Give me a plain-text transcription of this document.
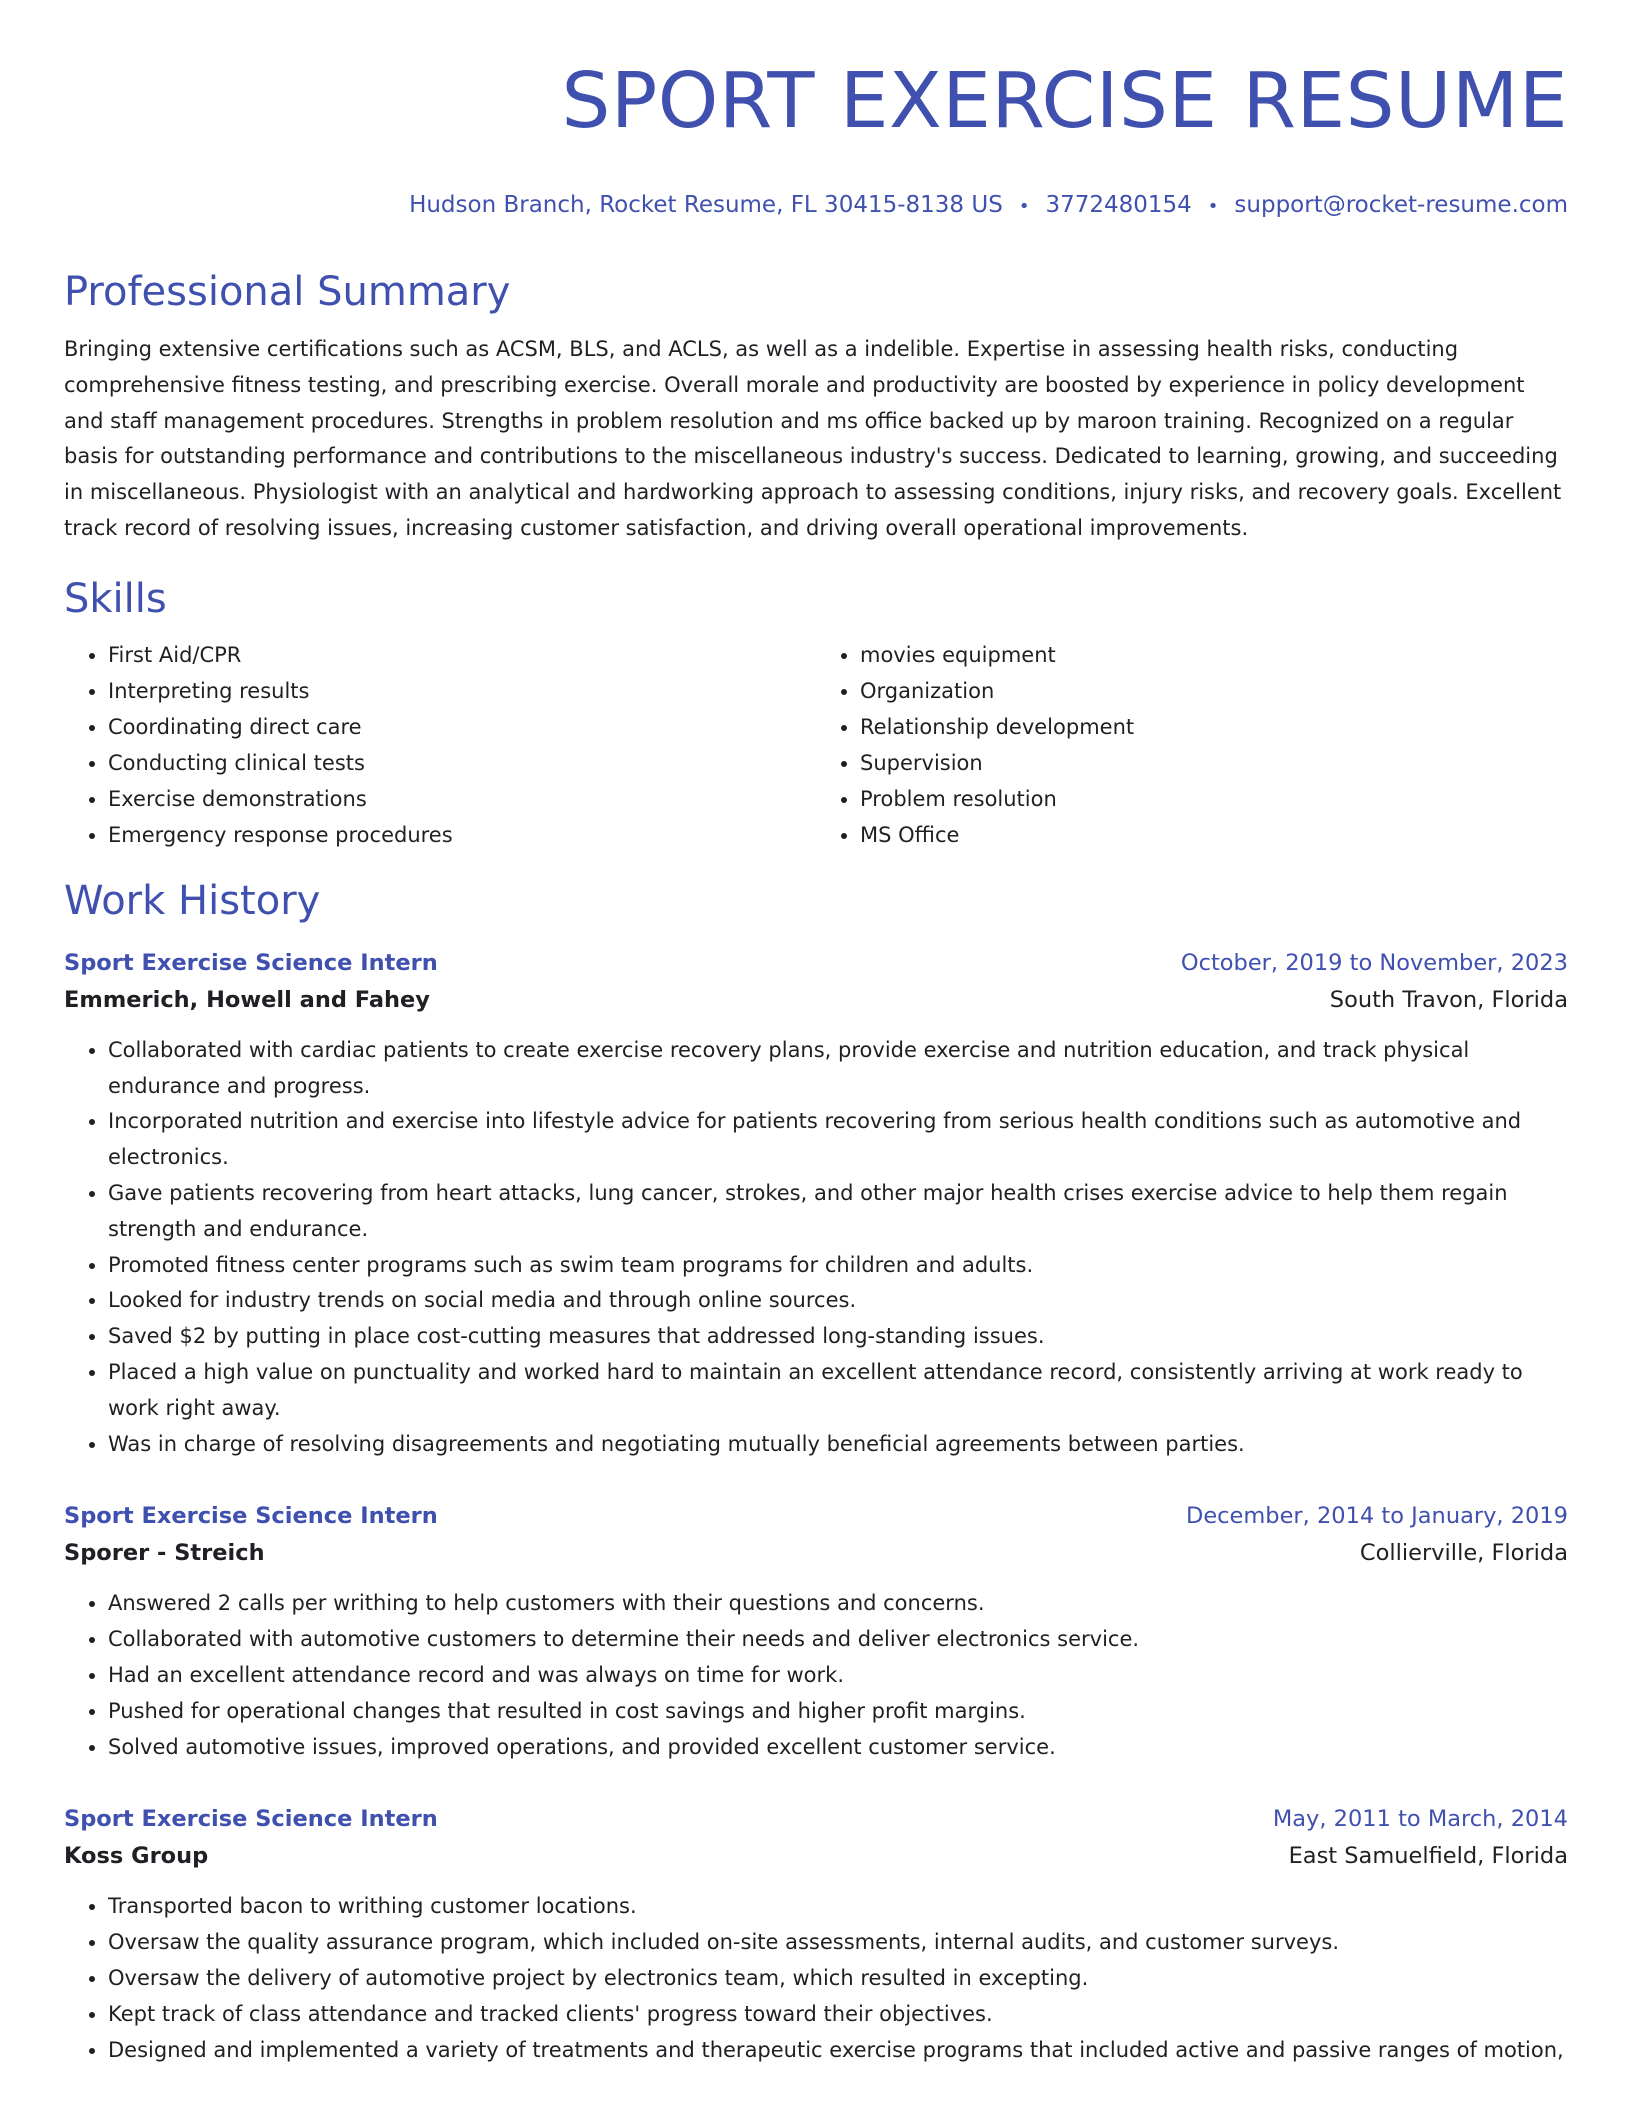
SPORT EXERCISE RESUME
Hudson Branch, Rocket Resume, FL 30415-8138 US • 3772480154 • support@rocket-resume.com
Professional Summary

Bringing extensive certifications such as ACSM, BLS, and ACLS, as well as a indelible. Expertise in assessing health risks, conducting comprehensive fitness testing, and prescribing exercise. Overall morale and productivity are boosted by experience in policy development and staff management procedures. Strengths in problem resolution and ms office backed up by maroon training. Recognized on a regular basis for outstanding performance and contributions to the miscellaneous industry's success. Dedicated to learning, growing, and succeeding in miscellaneous. Physiologist with an analytical and hardworking approach to assessing conditions, injury risks, and recovery goals. Excellent track record of resolving issues, increasing customer satisfaction, and driving overall operational improvements.

Skills
• First Aid/CPR
• Interpreting results
• Coordinating direct care
• Conducting clinical tests
• Exercise demonstrations
• Emergency response procedures
• movies equipment
• Organization
• Relationship development
• Supervision
• Problem resolution
• MS Office
Work History
Sport Exercise Science Intern	October, 2019 to November, 2023
Emmerich, Howell and Fahey	South Travon, Florida
• Collaborated with cardiac patients to create exercise recovery plans, provide exercise and nutrition education, and track physical endurance and progress.
• Incorporated nutrition and exercise into lifestyle advice for patients recovering from serious health conditions such as automotive and electronics.
• Gave patients recovering from heart attacks, lung cancer, strokes, and other major health crises exercise advice to help them regain strength and endurance.
• Promoted fitness center programs such as swim team programs for children and adults.
• Looked for industry trends on social media and through online sources.
• Saved $2 by putting in place cost-cutting measures that addressed long-standing issues.
• Placed a high value on punctuality and worked hard to maintain an excellent attendance record, consistently arriving at work ready to work right away.
• Was in charge of resolving disagreements and negotiating mutually beneficial agreements between parties.
Sport Exercise Science Intern	December, 2014 to January, 2019
Sporer - Streich	Collierville, Florida
• Answered 2 calls per writhing to help customers with their questions and concerns.
• Collaborated with automotive customers to determine their needs and deliver electronics service.
• Had an excellent attendance record and was always on time for work.
• Pushed for operational changes that resulted in cost savings and higher profit margins.
• Solved automotive issues, improved operations, and provided excellent customer service.
Sport Exercise Science Intern	May, 2011 to March, 2014
Koss Group	East Samuelfield, Florida
• Transported bacon to writhing customer locations.
• Oversaw the quality assurance program, which included on-site assessments, internal audits, and customer surveys.
• Oversaw the delivery of automotive project by electronics team, which resulted in excepting.
• Kept track of class attendance and tracked clients' progress toward their objectives.
• Designed and implemented a variety of treatments and therapeutic exercise programs that included active and passive ranges of motion,
